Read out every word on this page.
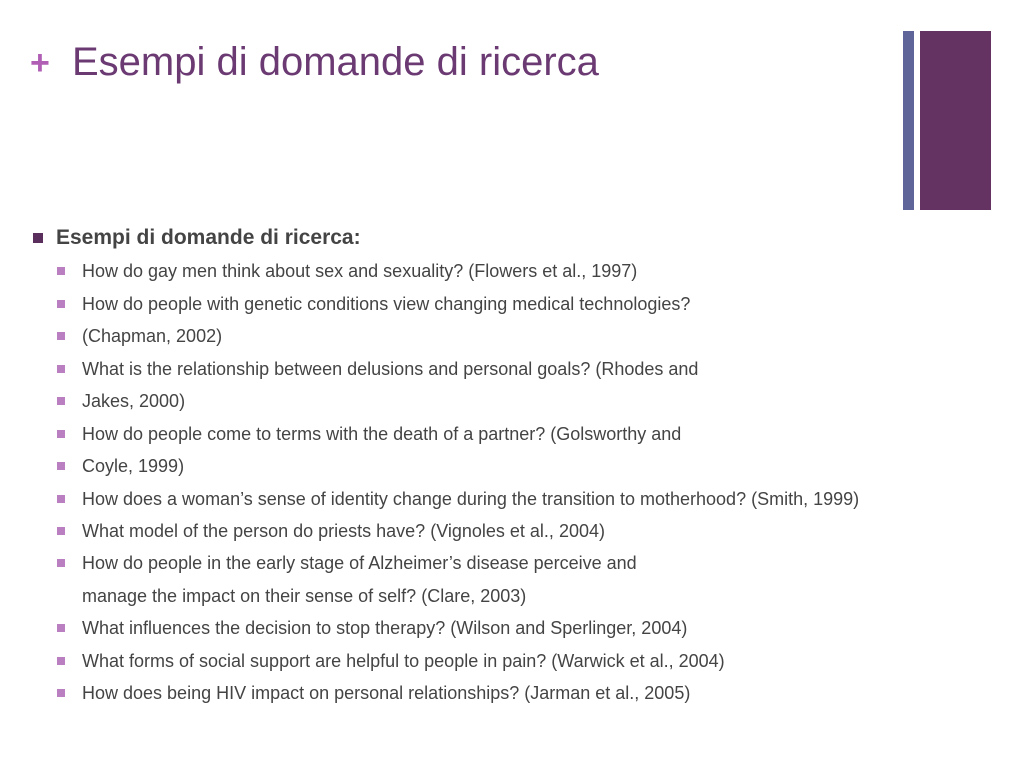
+ Esempi di domande di ricerca
Esempi di domande di ricerca:
How do gay men think about sex and sexuality? (Flowers et al., 1997)
How do people with genetic conditions view changing medical technologies?
(Chapman, 2002)
What is the relationship between delusions and personal goals? (Rhodes and
Jakes, 2000)
How do people come to terms with the death of a partner? (Golsworthy and
Coyle, 1999)
How does a woman’s sense of identity change during the transition to motherhood? (Smith, 1999)
What model of the person do priests have? (Vignoles et al., 2004)
How do people in the early stage of Alzheimer’s disease perceive and
manage the impact on their sense of self? (Clare, 2003)
What influences the decision to stop therapy? (Wilson and Sperlinger, 2004)
What forms of social support are helpful to people in pain? (Warwick et al., 2004)
How does being HIV impact on personal relationships? (Jarman et al., 2005)
